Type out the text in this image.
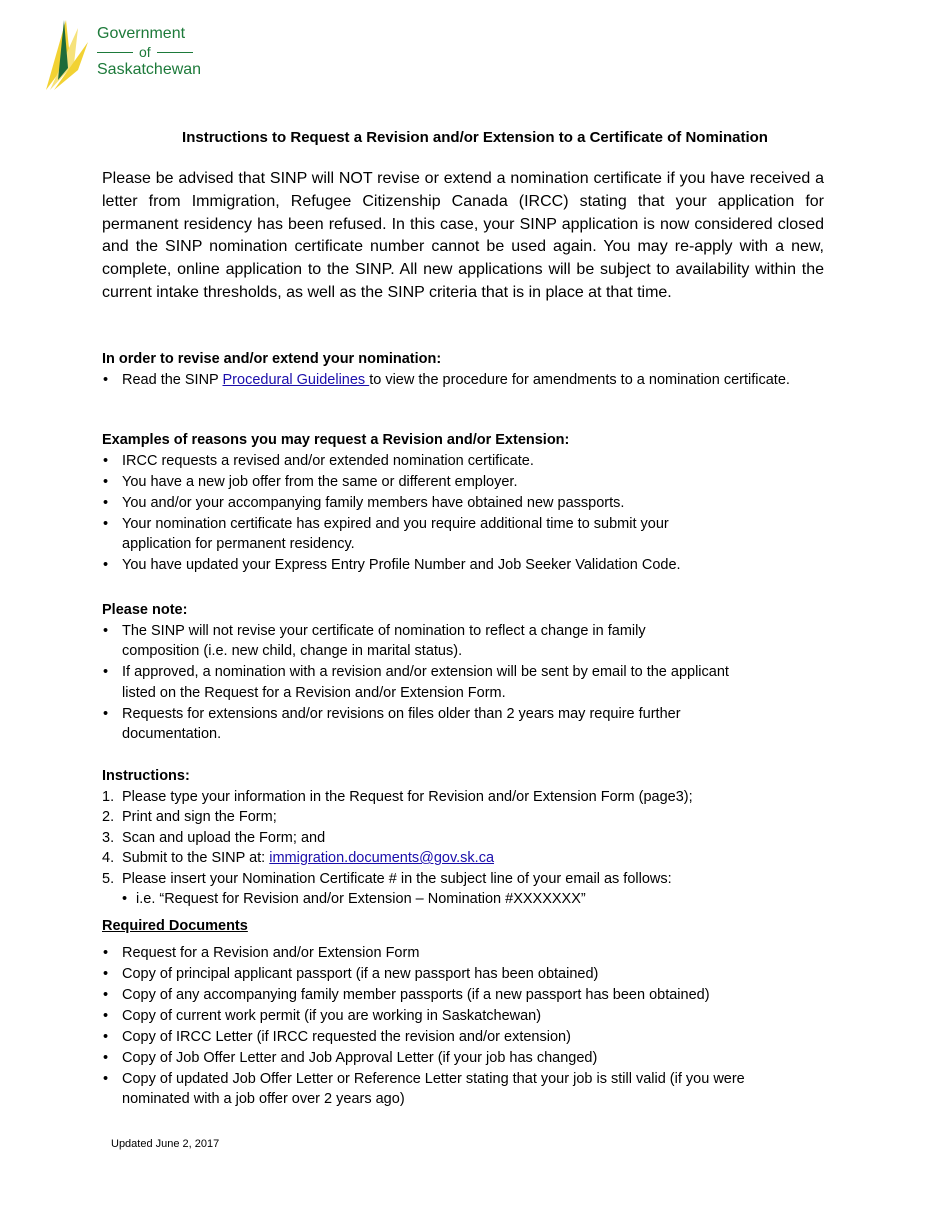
Government
of
Saskatchewan
Instructions to Request a Revision and/or Extension to a Certificate of Nomination
Please be advised that SINP will NOT revise or extend a nomination certificate if you have received a letter from Immigration, Refugee Citizenship Canada (IRCC) stating that your application for permanent residency has been refused. In this case, your SINP application is now considered closed and the SINP nomination certificate number cannot be used again. You may re-apply with a new, complete, online application to the SINP. All new applications will be subject to availability within the current intake thresholds, as well as the SINP criteria that is in place at that time.
In order to revise and/or extend your nomination:
• Read the SINP Procedural Guidelines to view the procedure for amendments to a nomination certificate.
Examples of reasons you may request a Revision and/or Extension:
• IRCC requests a revised and/or extended nomination certificate.
• You have a new job offer from the same or different employer.
• You and/or your accompanying family members have obtained new passports.
• Your nomination certificate has expired and you require additional time to submit your application for permanent residency.
• You have updated your Express Entry Profile Number and Job Seeker Validation Code.
Please note:
• The SINP will not revise your certificate of nomination to reflect a change in family composition (i.e. new child, change in marital status).
• If approved, a nomination with a revision and/or extension will be sent by email to the applicant listed on the Request for a Revision and/or Extension Form.
• Requests for extensions and/or revisions on files older than 2 years may require further documentation.
Instructions:
1. Please type your information in the Request for Revision and/or Extension Form (page3);
2. Print and sign the Form;
3. Scan and upload the Form; and
4. Submit to the SINP at: immigration.documents@gov.sk.ca
5. Please insert your Nomination Certificate # in the subject line of your email as follows:
• i.e. “Request for Revision and/or Extension – Nomination #XXXXXXX”
Required Documents
• Request for a Revision and/or Extension Form
• Copy of principal applicant passport (if a new passport has been obtained)
• Copy of any accompanying family member passports (if a new passport has been obtained)
• Copy of current work permit (if you are working in Saskatchewan)
• Copy of IRCC Letter (if IRCC requested the revision and/or extension)
• Copy of Job Offer Letter and Job Approval Letter (if your job has changed)
• Copy of updated Job Offer Letter or Reference Letter stating that your job is still valid (if you were nominated with a job offer over 2 years ago)
Updated June 2, 2017
